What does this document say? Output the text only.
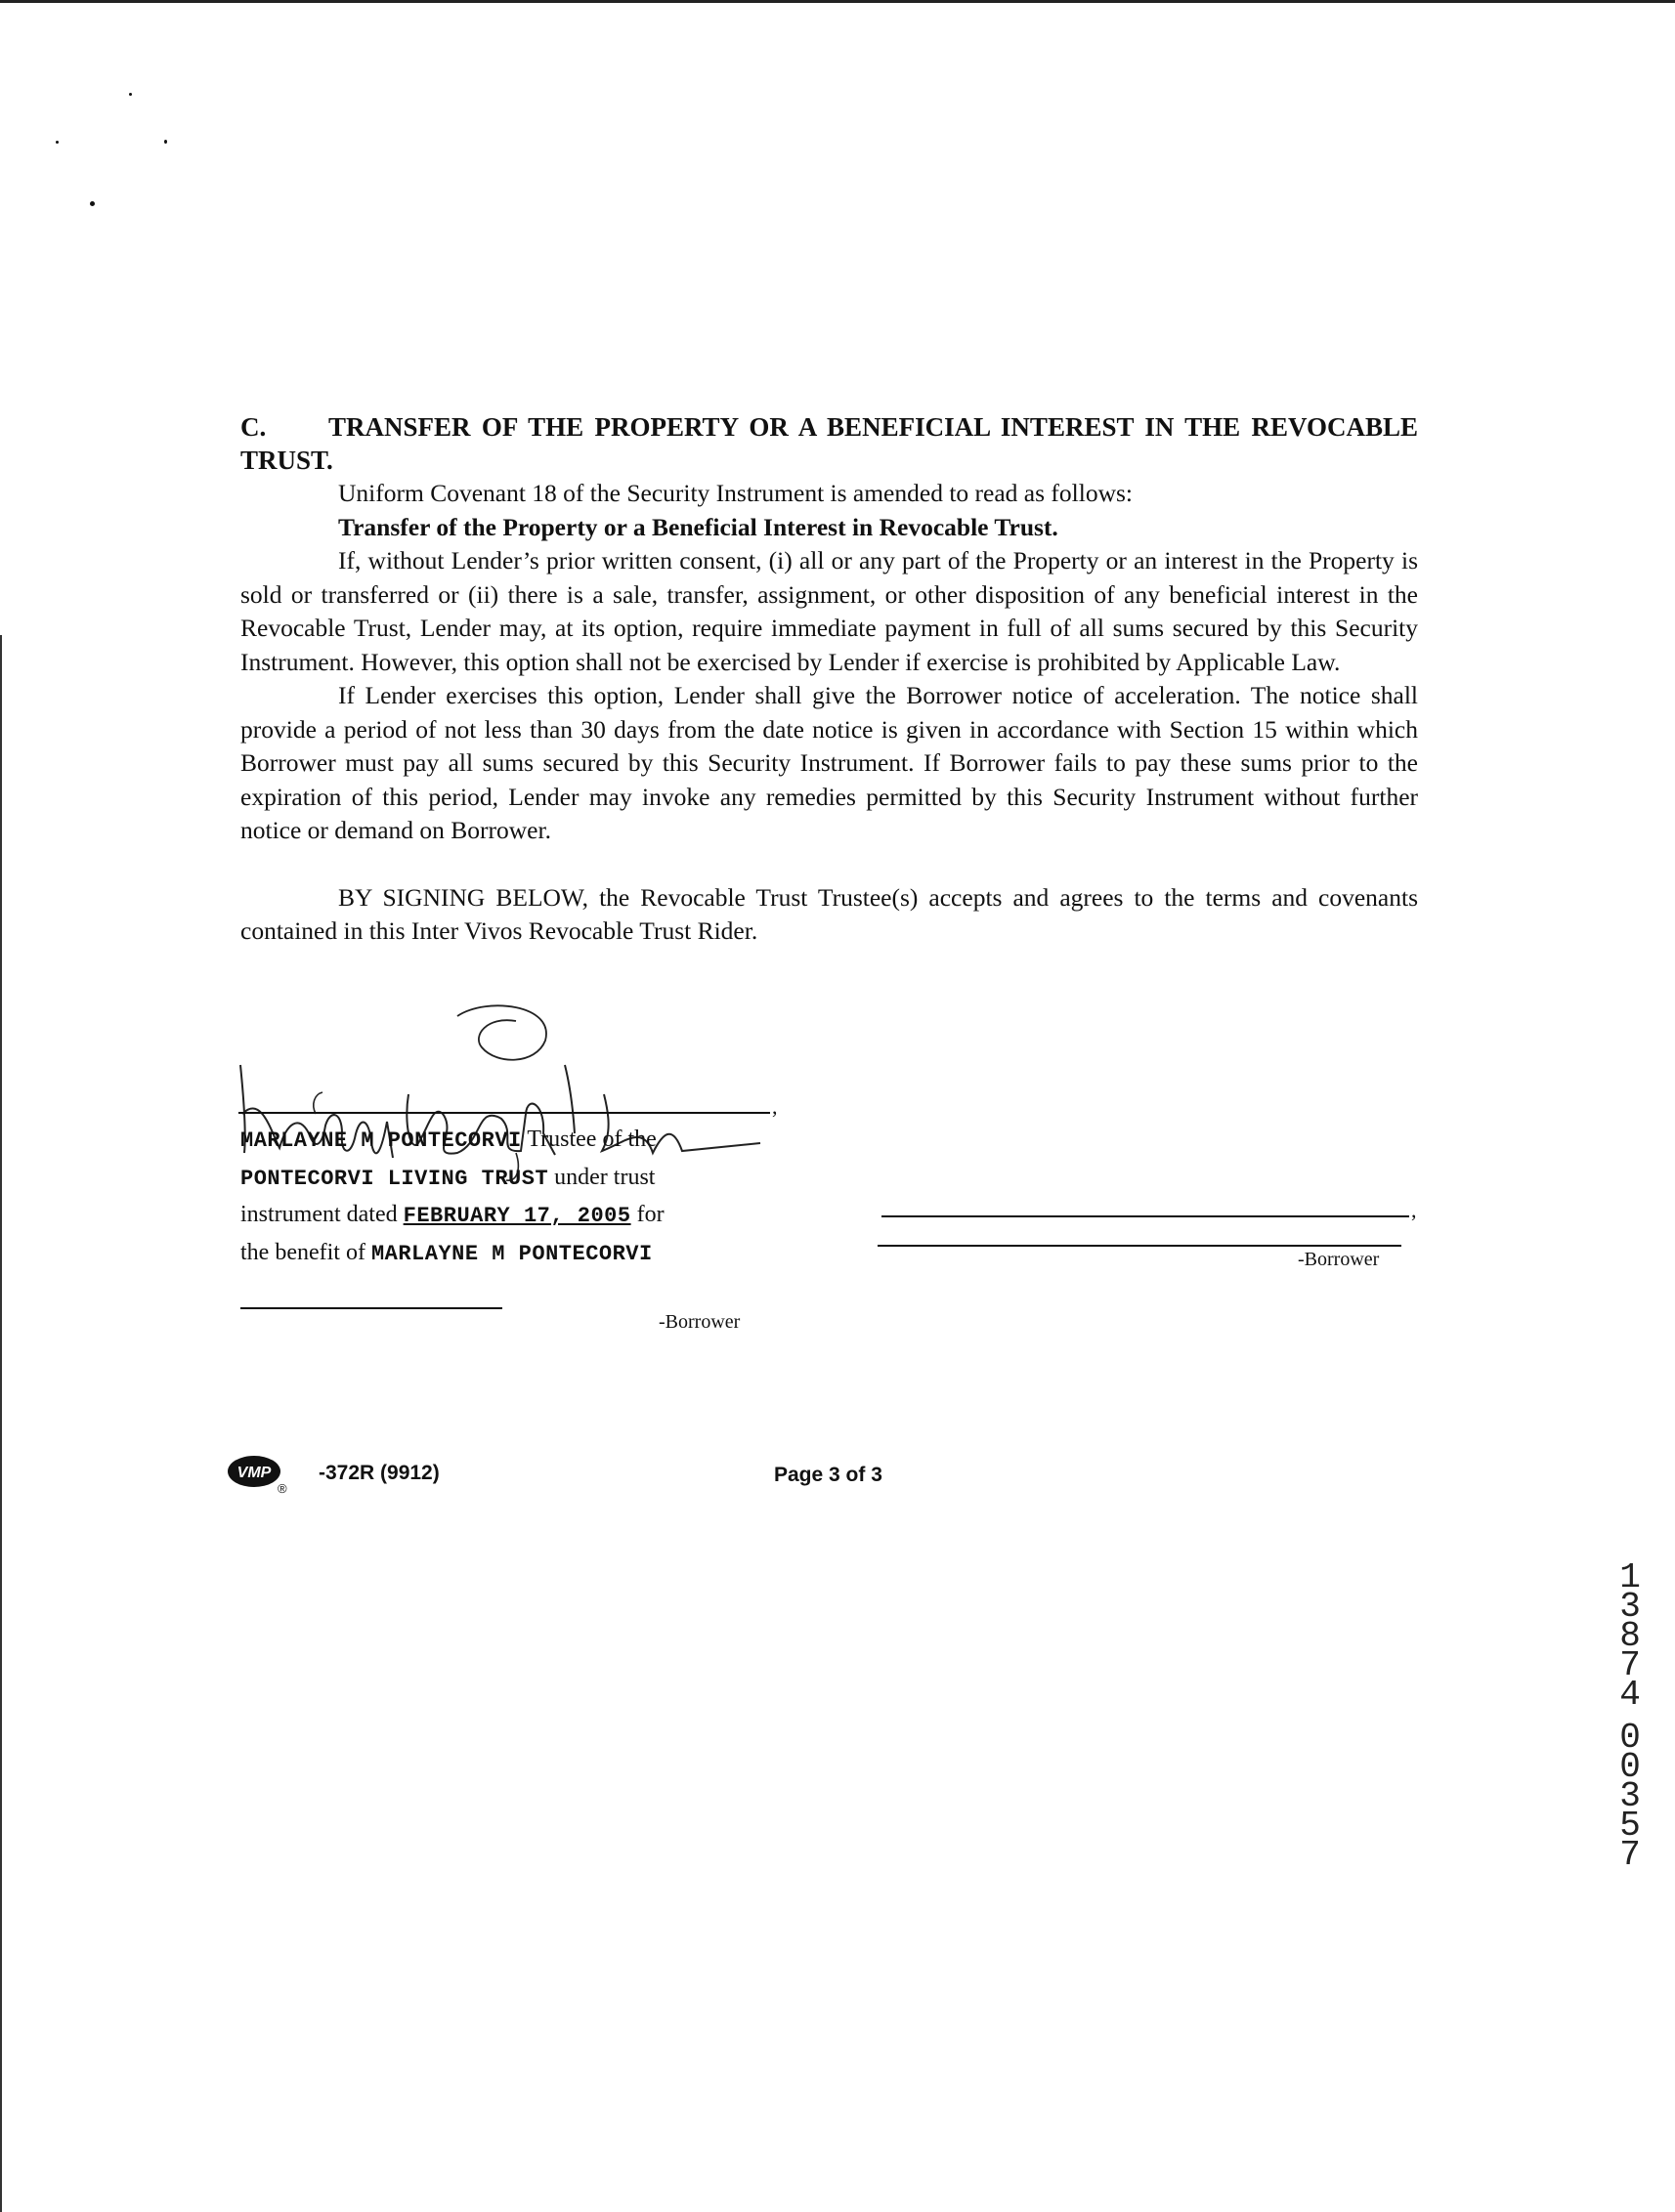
C. TRANSFER OF THE PROPERTY OR A BENEFICIAL INTEREST IN THE REVOCABLE TRUST.

Uniform Covenant 18 of the Security Instrument is amended to read as follows:

Transfer of the Property or a Beneficial Interest in Revocable Trust.

If, without Lender’s prior written consent, (i) all or any part of the Property or an interest in the Property is sold or transferred or (ii) there is a sale, transfer, assignment, or other disposition of any beneficial interest in the Revocable Trust, Lender may, at its option, require immediate payment in full of all sums secured by this Security Instrument. However, this option shall not be exercised by Lender if exercise is prohibited by Applicable Law.

If Lender exercises this option, Lender shall give the Borrower notice of acceleration. The notice shall provide a period of not less than 30 days from the date notice is given in accordance with Section 15 within which Borrower must pay all sums secured by this Security Instrument. If Borrower fails to pay these sums prior to the expiration of this period, Lender may invoke any remedies permitted by this Security Instrument without further notice or demand on Borrower.

BY SIGNING BELOW, the Revocable Trust Trustee(s) accepts and agrees to the terms and covenants contained in this Inter Vivos Revocable Trust Rider.

,
MARLAYNE M PONTECORVI Trustee of the
PONTECORVI LIVING TRUST under trust
instrument dated FEBRUARY 17, 2005 for
the benefit of MARLAYNE M PONTECORVI
-Borrower
,
-Borrower
VMP
®
-372R (9912)	Page 3 of 3
1
3
8
7
4
0
0
3
5
7
